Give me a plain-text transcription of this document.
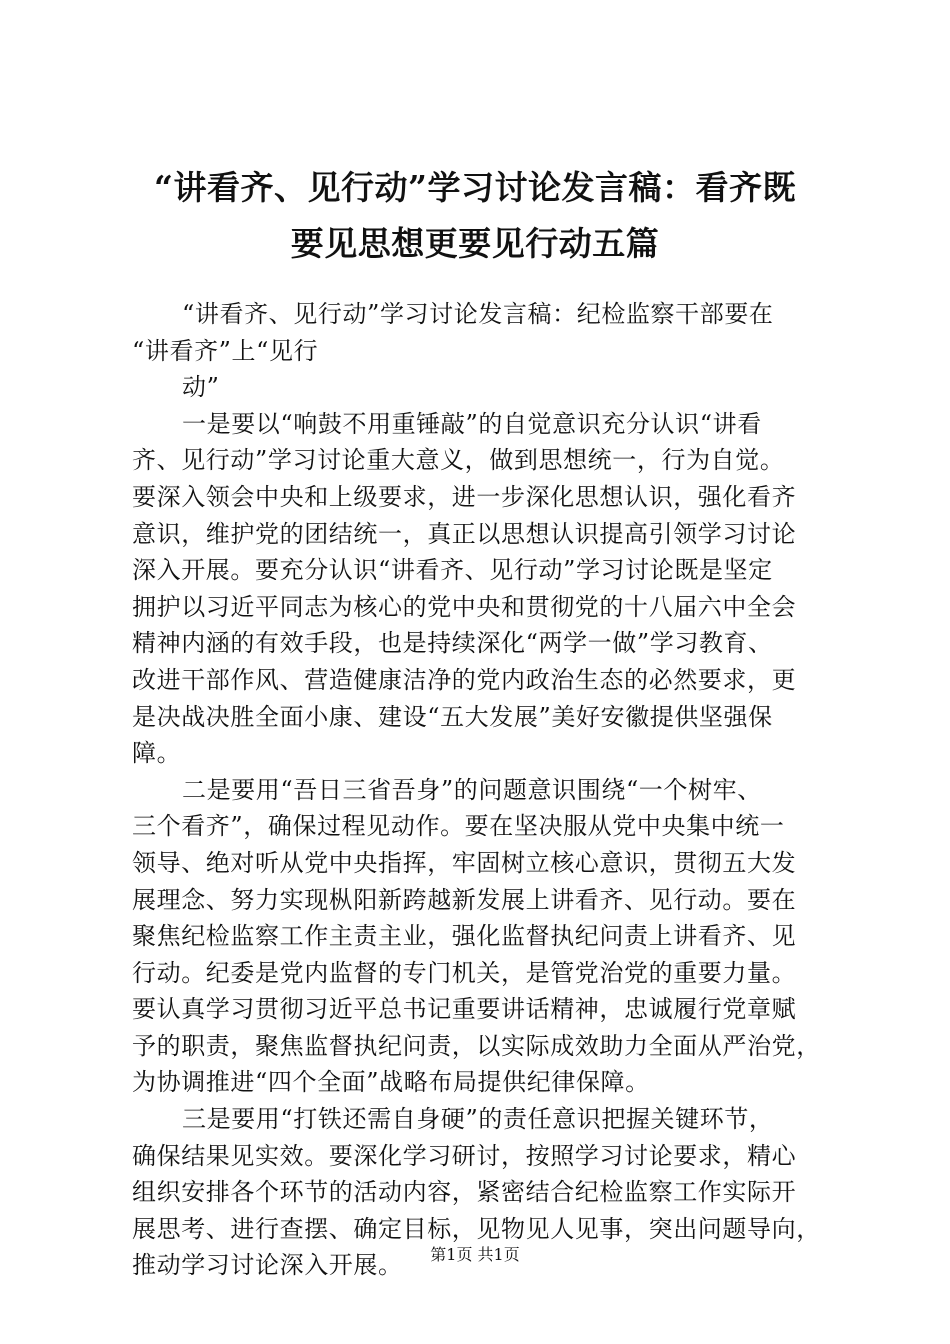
“讲看齐、见行动”学习讨论发言稿：看齐既
要见思想更要见行动五篇
“讲看齐、见行动”学习讨论发言稿：纪检监察干部要在
“讲看齐”上“见行
动”
一是要以“响鼓不用重锤敲”的自觉意识充分认识“讲看
齐、见行动”学习讨论重大意义，做到思想统一，行为自觉。
要深入领会中央和上级要求，进一步深化思想认识，强化看齐
意识，维护党的团结统一，真正以思想认识提高引领学习讨论
深入开展。要充分认识“讲看齐、见行动”学习讨论既是坚定
拥护以习近平同志为核心的党中央和贯彻党的十八届六中全会
精神内涵的有效手段，也是持续深化“两学一做”学习教育、
改进干部作风、营造健康洁净的党内政治生态的必然要求，更
是决战决胜全面小康、建设“五大发展”美好安徽提供坚强保
障。
二是要用“吾日三省吾身”的问题意识围绕“一个树牢、
三个看齐”，确保过程见动作。要在坚决服从党中央集中统一
领导、绝对听从党中央指挥，牢固树立核心意识，贯彻五大发
展理念、努力实现枞阳新跨越新发展上讲看齐、见行动。要在
聚焦纪检监察工作主责主业，强化监督执纪问责上讲看齐、见
行动。纪委是党内监督的专门机关，是管党治党的重要力量。
要认真学习贯彻习近平总书记重要讲话精神，忠诚履行党章赋
予的职责，聚焦监督执纪问责，以实际成效助力全面从严治党，
为协调推进“四个全面”战略布局提供纪律保障。
三是要用“打铁还需自身硬”的责任意识把握关键环节，
确保结果见实效。要深化学习研讨，按照学习讨论要求，精心
组织安排各个环节的活动内容，紧密结合纪检监察工作实际开
展思考、进行查摆、确定目标，见物见人见事，突出问题导向，
推动学习讨论深入开展。	第1页 共1页
